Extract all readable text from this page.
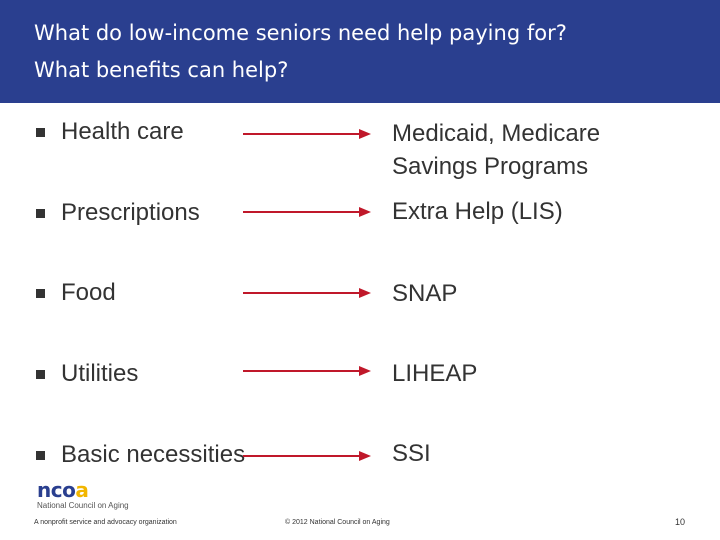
What do low-income seniors need help paying for?
What benefits can help?
Health care	Medicaid, Medicare
Savings Programs
Prescriptions	Extra Help (LIS)
Food	SNAP
Utilities	LIHEAP
Basic necessities	SSI
ncoa
National Council on Aging
A nonprofit service and advocacy organization	© 2012 National Council on Aging	10
